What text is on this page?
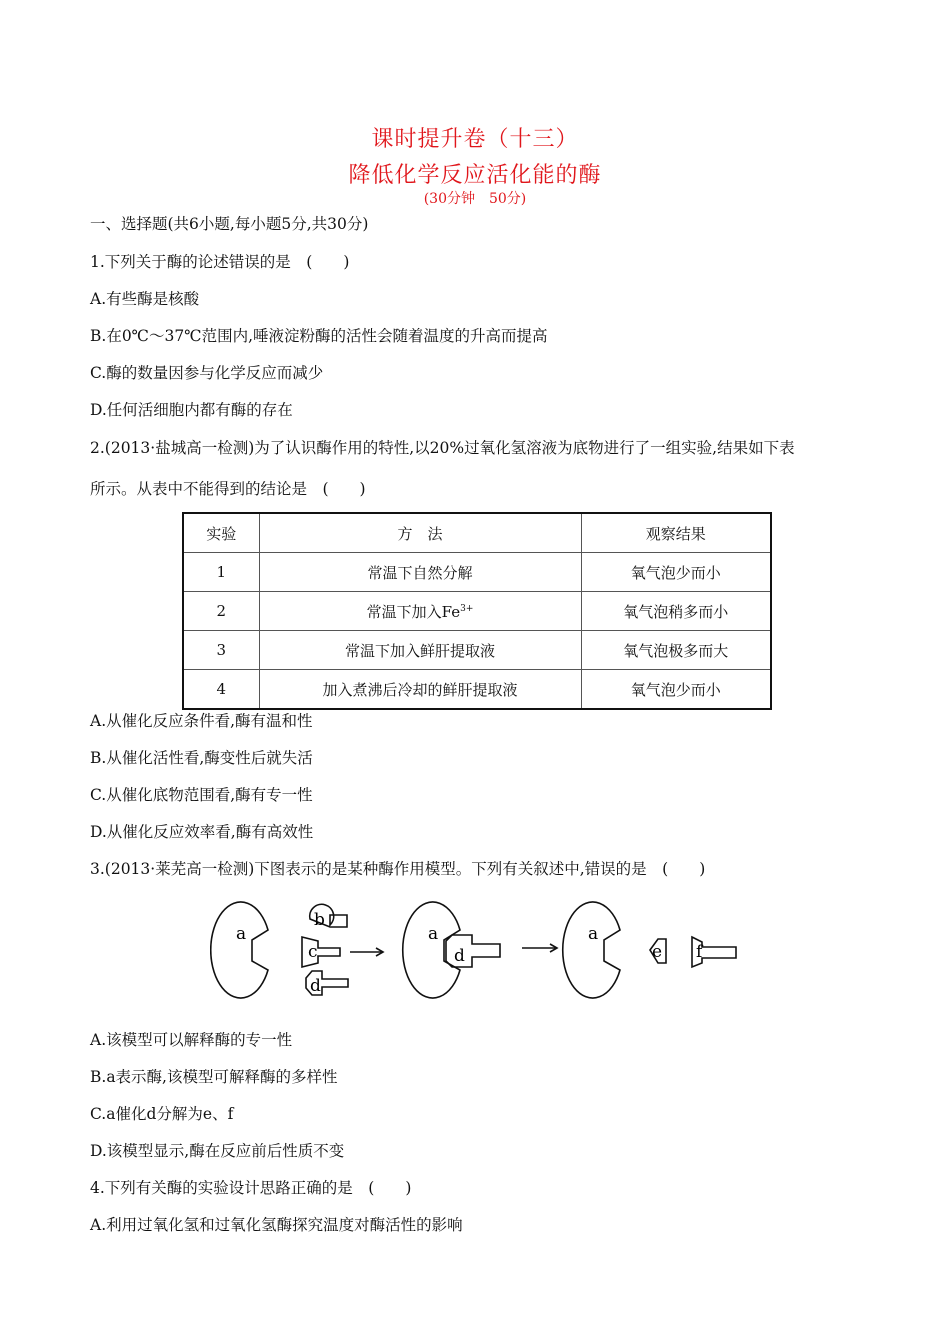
课时提升卷（十三）
降低化学反应活化能的酶
(30分钟　50分)
一、选择题(共6小题,每小题5分,共30分)
1.下列关于酶的论述错误的是　(　　)
A.有些酶是核酸
B.在0℃～37℃范围内,唾液淀粉酶的活性会随着温度的升高而提高
C.酶的数量因参与化学反应而减少
D.任何活细胞内都有酶的存在
2.(2013·盐城高一检测)为了认识酶作用的特性,以20%过氧化氢溶液为底物进行了一组实验,结果如下表
所示。从表中不能得到的结论是　(　　)
实验	方　法	观察结果
1	常温下自然分解	氧气泡少而小
2	常温下加入$Fe^{3+}$	氧气泡稍多而小
3	常温下加入鲜肝提取液	氧气泡极多而大
4	加入煮沸后冷却的鲜肝提取液	氧气泡少而小
A.从催化反应条件看,酶有温和性
B.从催化活性看,酶变性后就失活
C.从催化底物范围看,酶有专一性
D.从催化反应效率看,酶有高效性
3.(2013·莱芜高一检测)下图表示的是某种酶作用模型。下列有关叙述中,错误的是　(　　)
a
b
c
d
a
d
a
e f
A.该模型可以解释酶的专一性
B.a表示酶,该模型可解释酶的多样性
C.a催化d分解为e、f
D.该模型显示,酶在反应前后性质不变
4.下列有关酶的实验设计思路正确的是　(　　)
A.利用过氧化氢和过氧化氢酶探究温度对酶活性的影响
